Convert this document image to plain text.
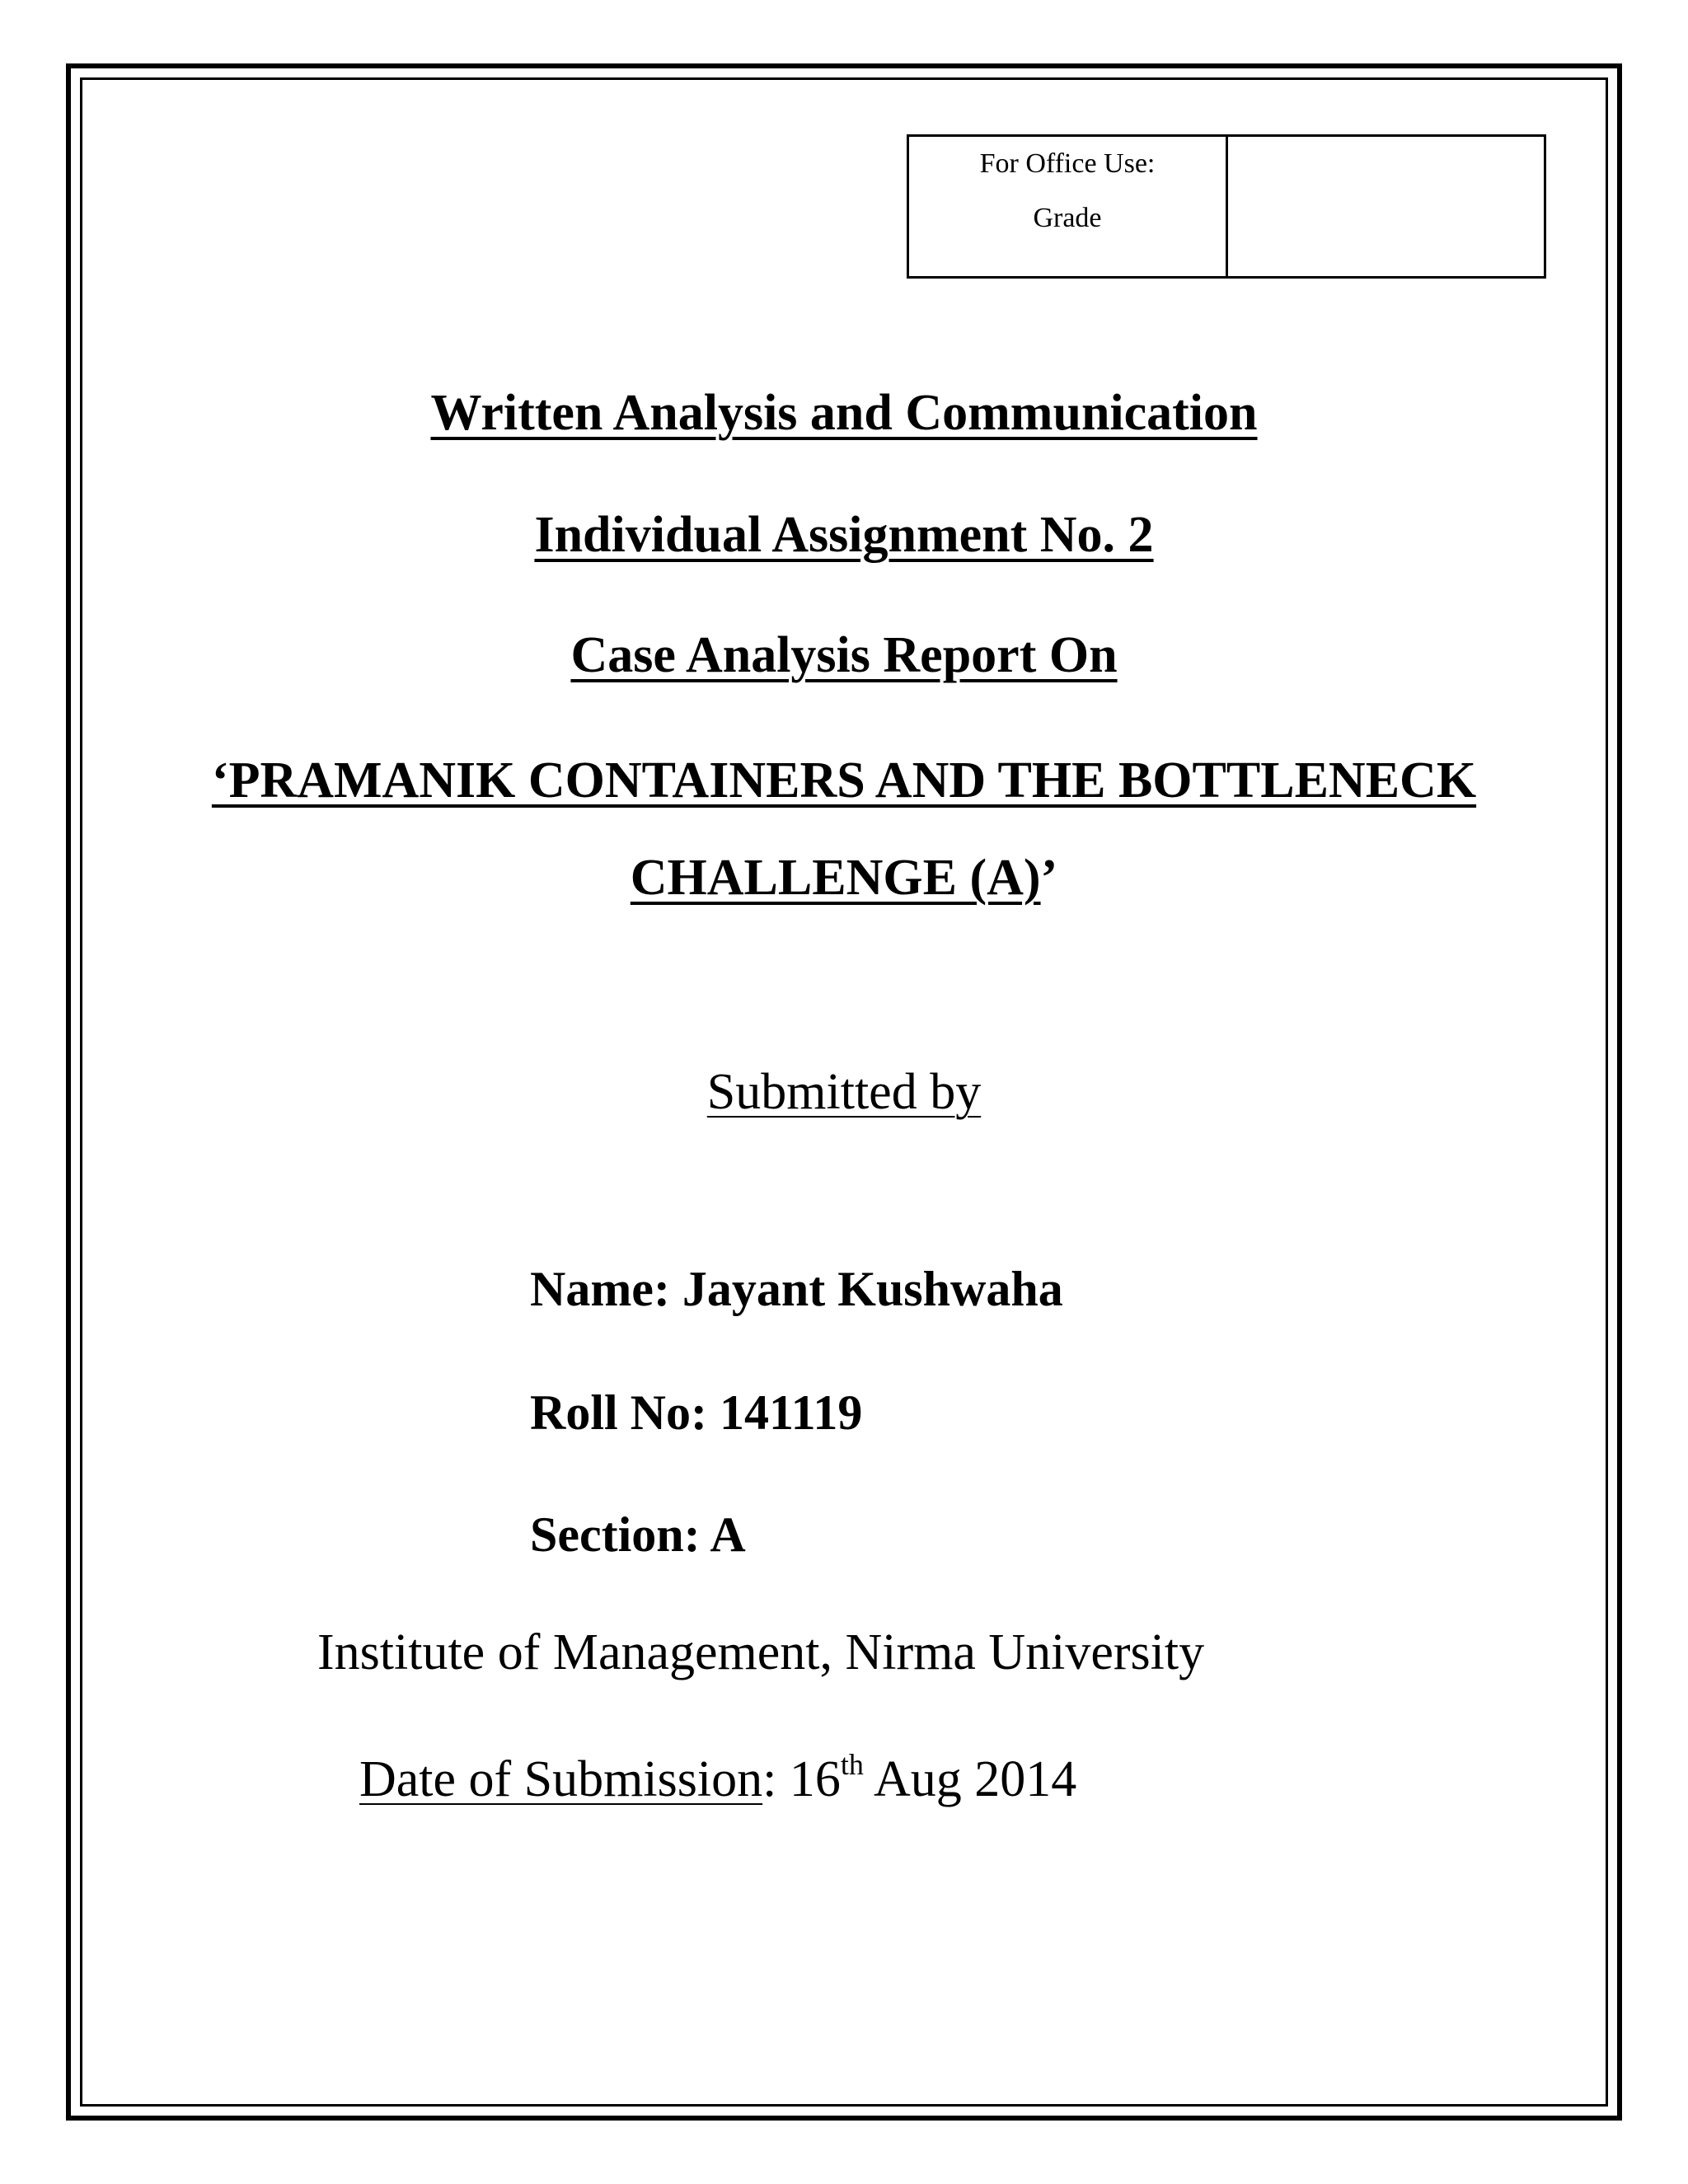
For Office Use:
Grade
Written Analysis and Communication
Individual Assignment No. 2
Case Analysis Report On
‘PRAMANIK CONTAINERS AND THE BOTTLENECK
CHALLENGE (A)’
Submitted by
Name: Jayant Kushwaha
Roll No: 141119
Section: A
Institute of Management, Nirma University
Date of Submission: 16th Aug 2014
